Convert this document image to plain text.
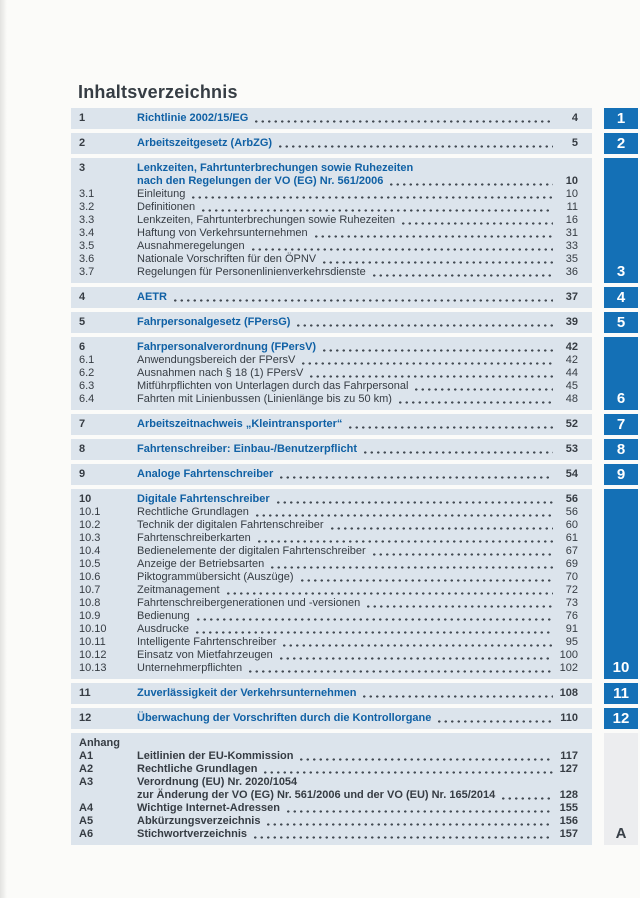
Inhaltsverzeichnis
1	Richtlinie 2002/15/EG	4	1
2	Arbeitszeitgesetz (ArbZG)	5	2
3	Lenkzeiten, Fahrtunterbrechungen sowie Ruhezeiten
nach den Regelungen der VO (EG) Nr. 561/2006	10
3.1	Einleitung	10
3.2	Definitionen	11
3.3	Lenkzeiten, Fahrtunterbrechungen sowie Ruhezeiten	16
3.4	Haftung von Verkehrsunternehmen	31
3.5	Ausnahmeregelungen	33
3.6	Nationale Vorschriften für den ÖPNV	35
3.7	Regelungen für Personenlinienverkehrsdienste	36	3
4	AETR	37	4
5	Fahrpersonalgesetz (FPersG)	39	5
6	Fahrpersonalverordnung (FPersV)	42
6.1	Anwendungsbereich der FPersV	42
6.2	Ausnahmen nach § 18 (1) FPersV	44
6.3	Mitführpflichten von Unterlagen durch das Fahrpersonal	45
6.4	Fahrten mit Linienbussen (Linienlänge bis zu 50 km)	48	6
7	Arbeitszeitnachweis „Kleintransporter“	52	7
8	Fahrtenschreiber: Einbau-/Benutzerpflicht	53	8
9	Analoge Fahrtenschreiber	54	9
10	Digitale Fahrtenschreiber	56
10.1	Rechtliche Grundlagen	56
10.2	Technik der digitalen Fahrtenschreiber	60
10.3	Fahrtenschreiberkarten	61
10.4	Bedienelemente der digitalen Fahrtenschreiber	67
10.5	Anzeige der Betriebsarten	69
10.6	Piktogrammübersicht (Auszüge)	70
10.7	Zeitmanagement	72
10.8	Fahrtenschreibergenerationen und -versionen	73
10.9	Bedienung	76
10.10	Ausdrucke	91
10.11	Intelligente Fahrtenschreiber	95
10.12	Einsatz von Mietfahrzeugen	100
10.13	Unternehmerpflichten	102	10
11	Zuverlässigkeit der Verkehrsunternehmen	108	11
12	Überwachung der Vorschriften durch die Kontrollorgane	110	12
Anhang
A1	Leitlinien der EU-Kommission	117
A2	Rechtliche Grundlagen	127
A3	Verordnung (EU) Nr. 2020/1054
zur Änderung der VO (EG) Nr. 561/2006 und der VO (EU) Nr. 165/2014	128
A4	Wichtige Internet-Adressen	155
A5	Abkürzungsverzeichnis	156
A6	Stichwortverzeichnis	157	A
